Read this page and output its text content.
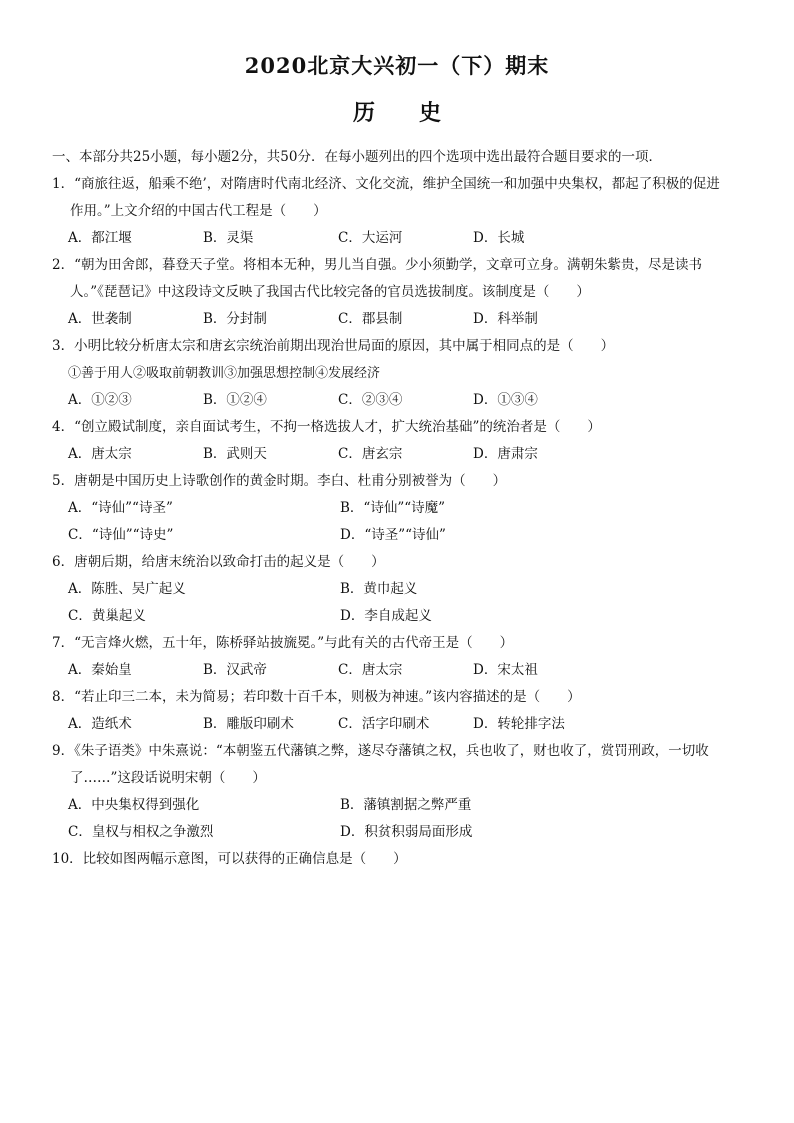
2020北京大兴初一（下）期末
历史
一、本部分共25小题，每小题2分，共50分．在每小题列出的四个选项中选出最符合题目要求的一项．
1．“商旅往返，船乘不绝’，对隋唐时代南北经济、文化交流，维护全国统一和加强中央集权，都起了积极的促进
作用。”上文介绍的中国古代工程是（　　）
A．都江堰	B．灵渠	C．大运河	D．长城
2．“朝为田舍郎，暮登天子堂。将相本无种，男儿当自强。少小须勤学，文章可立身。满朝朱紫贵，尽是读书
人。”《琵琶记》中这段诗文反映了我国古代比较完备的官员选拔制度。该制度是（　　）
A．世袭制	B．分封制	C．郡县制	D．科举制
3．小明比较分析唐太宗和唐玄宗统治前期出现治世局面的原因，其中属于相同点的是（　　）
①善于用人②吸取前朝教训③加强思想控制④发展经济
A．①②③	B．①②④	C．②③④	D．①③④
4．“创立殿试制度，亲自面试考生，不拘一格选拔人才，扩大统治基础”的统治者是（　　）
A．唐太宗	B．武则天	C．唐玄宗	D．唐肃宗
5．唐朝是中国历史上诗歌创作的黄金时期。李白、杜甫分别被誉为（　　）
A．“诗仙”“诗圣”	B．“诗仙”“诗魔”
C．“诗仙”“诗史”	D．“诗圣”“诗仙”
6．唐朝后期，给唐末统治以致命打击的起义是（　　）
A．陈胜、吴广起义	B．黄巾起义
C．黄巢起义	D．李自成起义
7．“无言烽火燃，五十年，陈桥驿站披旒冕。”与此有关的古代帝王是（　　）
A．秦始皇	B．汉武帝	C．唐太宗	D．宋太祖
8．“若止印三二本，未为简易；若印数十百千本，则极为神速。”该内容描述的是（　　）
A．造纸术	B．雕版印刷术	C．活字印刷术	D．转轮排字法
9．《朱子语类》中朱熹说：“本朝鉴五代藩镇之弊，遂尽夺藩镇之权，兵也收了，财也收了，赏罚刑政，一切收
了……”这段话说明宋朝（　　）
A．中央集权得到强化	B．藩镇割据之弊严重
C．皇权与相权之争激烈	D．积贫积弱局面形成
10．比较如图两幅示意图，可以获得的正确信息是（　　）
